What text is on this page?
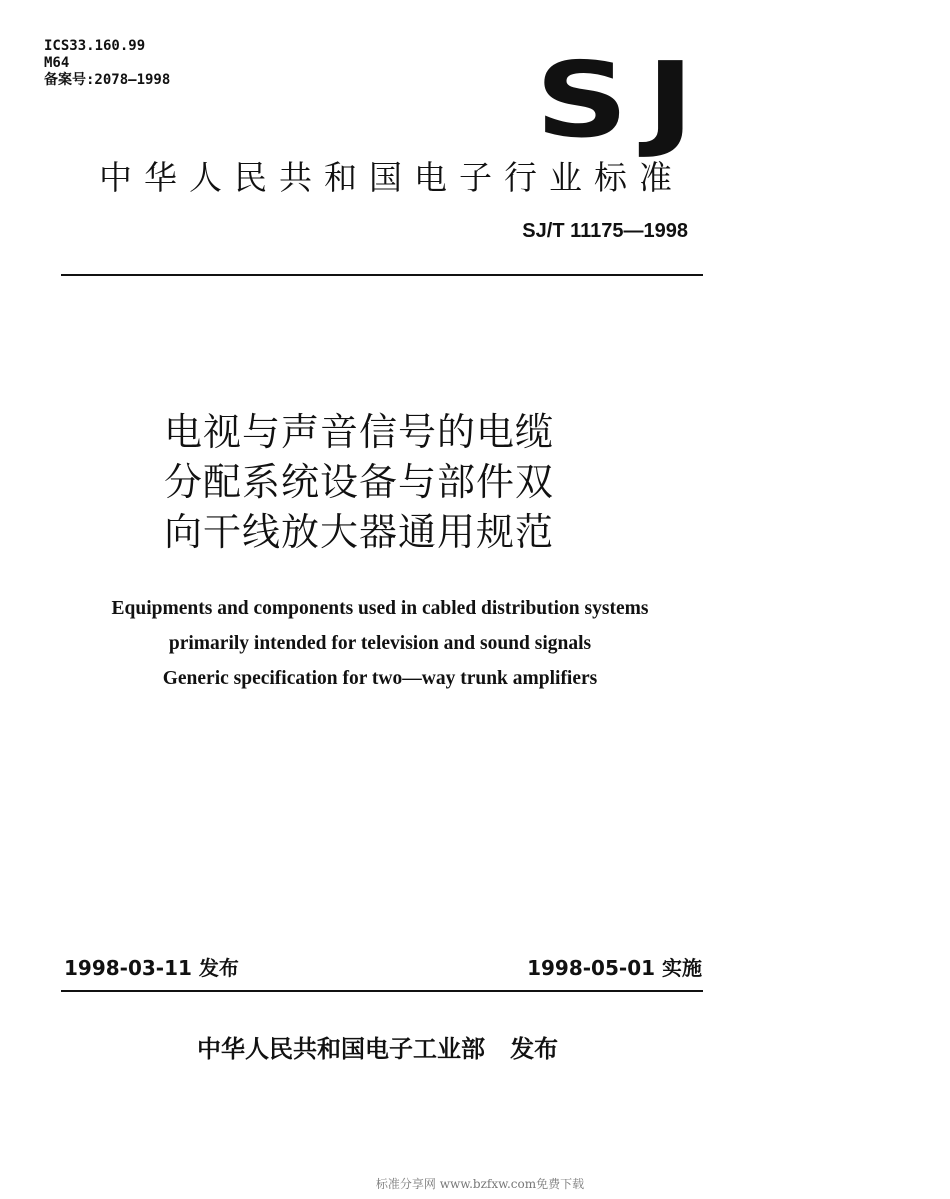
ICS33.160.99
M64
备案号:2078—1998	SJ
中华人民共和国电子行业标准
SJ/T 11175—1998
电视与声音信号的电缆
分配系统设备与部件双
向干线放大器通用规范
Equipments and components used in cabled distribution systems
primarily intended for television and sound signals
Generic specification for two—way trunk amplifiers
1998-03-11 发布	1998-05-01 实施
中华人民共和国电子工业部   发布
标准分享网 www.bzfxw.com免费下载
